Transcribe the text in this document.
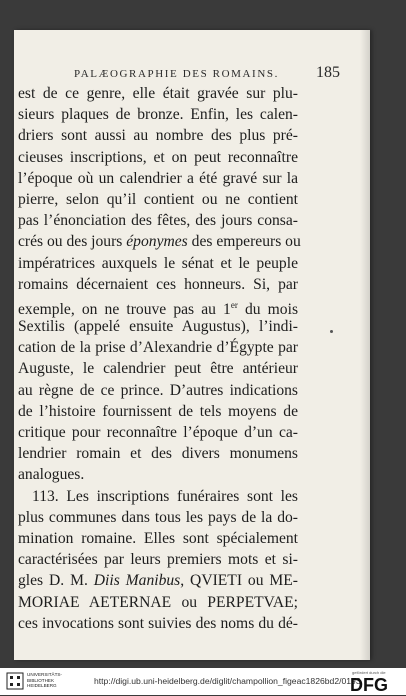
PALÆOGRAPHIE DES ROMAINS. 185
est de ce genre, elle était gravée sur plu-
sieurs plaques de bronze. Enfin, les calen-
driers sont aussi au nombre des plus pré-
cieuses inscriptions, et on peut reconnaître
l’époque où un calendrier a été gravé sur la
pierre, selon qu’il contient ou ne contient
pas l’énonciation des fêtes, des jours consa-
crés ou des jours éponymes des empereurs ou
impératrices auxquels le sénat et le peuple
romains décernaient ces honneurs. Si, par
exemple, on ne trouve pas au 1er du mois
Sextilis (appelé ensuite Augustus), l’indi-
cation de la prise d’Alexandrie d’Égypte par
Auguste, le calendrier peut être antérieur
au règne de ce prince. D’autres indications
de l’histoire fournissent de tels moyens de
critique pour reconnaître l’époque d’un ca-
lendrier romain et des divers monumens
analogues.
113. Les inscriptions funéraires sont les
plus communes dans tous les pays de la do-
mination romaine. Elles sont spécialement
caractérisées par leurs premiers mots et si-
gles D. M. Diis Manibus, QVIETI ou ME-
MORIAE AETERNAE ou PERPETVAE;
ces invocations sont suivies des noms du dé-
UNIVERSITÄTS-
BIBLIOTHEK
HEIDELBERG	http://digi.ub.uni-heidelberg.de/diglit/champollion_figeac1826bd2/0193
gefördert durch die
DFG
